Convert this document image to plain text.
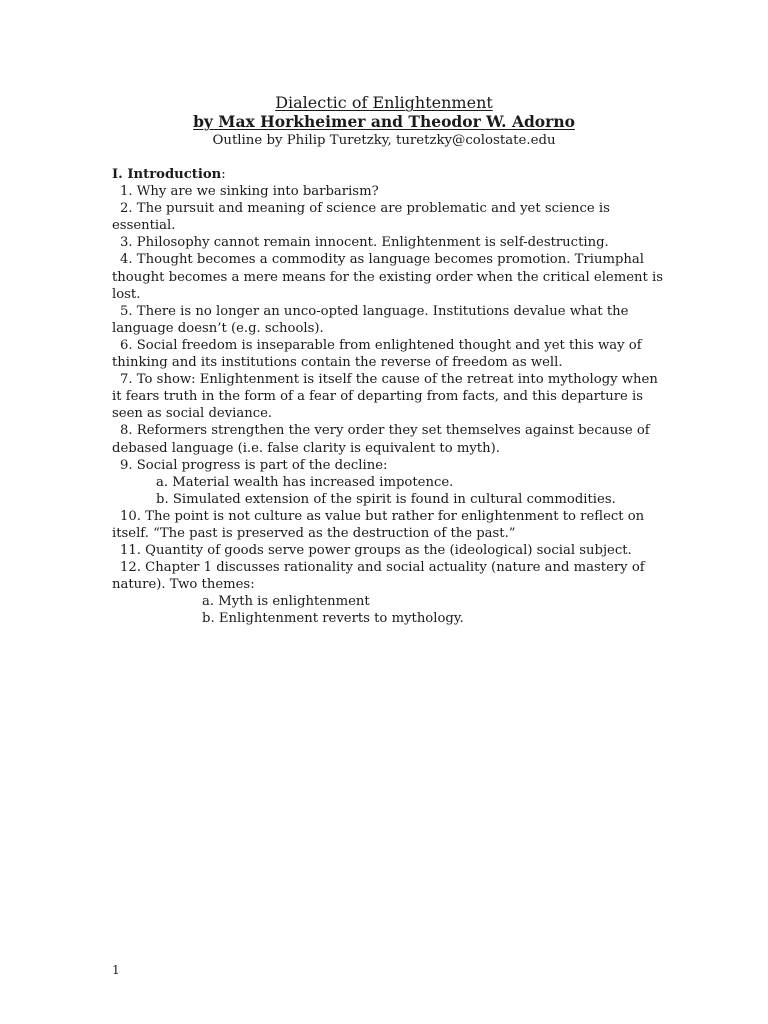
Dialectic of Enlightenment
by Max Horkheimer and Theodor W. Adorno
Outline by Philip Turetzky, turetzky@colostate.edu

I. Introduction:

1. Why are we sinking into barbarism?

2. The pursuit and meaning of science are problematic and yet science is essential.

3. Philosophy cannot remain innocent. Enlightenment is self-destructing.

4. Thought becomes a commodity as language becomes promotion. Triumphal thought becomes a mere means for the existing order when the critical element is lost.

5. There is no longer an unco-opted language. Institutions devalue what the language doesn’t (e.g. schools).

6. Social freedom is inseparable from enlightened thought and yet this way of thinking and its institutions contain the reverse of freedom as well.

7. To show: Enlightenment is itself the cause of the retreat into mythology when it fears truth in the form of a fear of departing from facts, and this departure is seen as social deviance.

8. Reformers strengthen the very order they set themselves against because of debased language (i.e. false clarity is equivalent to myth).

9. Social progress is part of the decline:

a. Material wealth has increased impotence.

b. Simulated extension of the spirit is found in cultural commodities.

10. The point is not culture as value but rather for enlightenment to reflect on itself. “The past is preserved as the destruction of the past.”

11. Quantity of goods serve power groups as the (ideological) social subject.

12. Chapter 1 discusses rationality and social actuality (nature and mastery of nature). Two themes:

a. Myth is enlightenment

b. Enlightenment reverts to mythology.

1
